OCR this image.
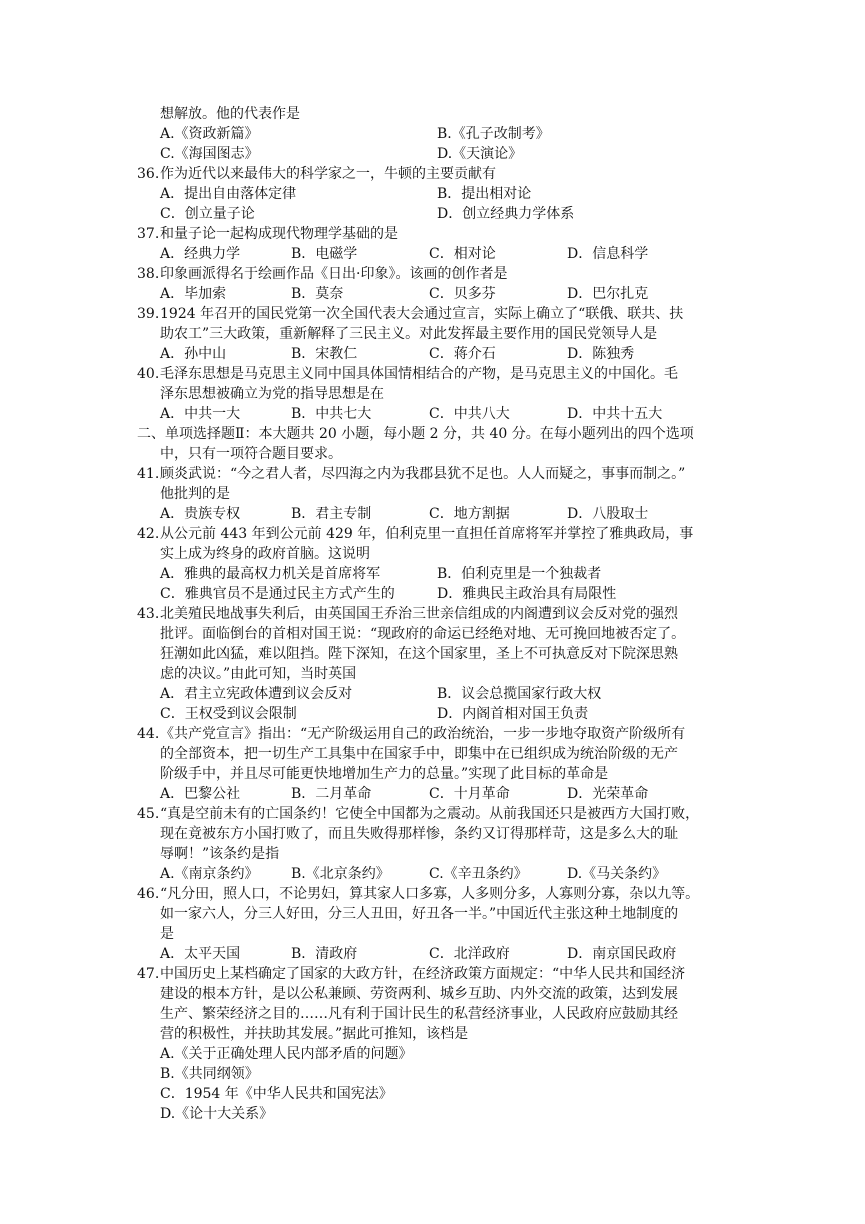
想解放。他的代表作是
A.《资政新篇》	B.《孔子改制考》
C.《海国图志》	D.《天演论》
36. 作为近代以来最伟大的科学家之一，牛顿的主要贡献有
A．提出自由落体定律	B．提出相对论
C．创立量子论	D．创立经典力学体系
37. 和量子论一起构成现代物理学基础的是
A．经典力学	B．电磁学	C．相对论	D．信息科学
38. 印象画派得名于绘画作品《日出·印象》。该画的创作者是
A．毕加索	B．莫奈	C．贝多芬	D．巴尔扎克
39. 1924 年召开的国民党第一次全国代表大会通过宣言，实际上确立了“联俄、联共、扶
助农工”三大政策，重新解释了三民主义。对此发挥最主要作用的国民党领导人是
A．孙中山	B．宋教仁	C．蒋介石	D．陈独秀
40. 毛泽东思想是马克思主义同中国具体国情相结合的产物，是马克思主义的中国化。毛
泽东思想被确立为党的指导思想是在
A．中共一大	B．中共七大	C．中共八大	D．中共十五大
二、单项选择题Ⅱ：本大题共 20 小题，每小题 2 分，共 40 分。在每小题列出的四个选项
中，只有一项符合题目要求。
41. 顾炎武说：“今之君人者，尽四海之内为我郡县犹不足也。人人而疑之，事事而制之。”
他批判的是
A．贵族专权	B．君主专制	C．地方割据	D．八股取士
42. 从公元前 443 年到公元前 429 年，伯利克里一直担任首席将军并掌控了雅典政局，事
实上成为终身的政府首脑。这说明
A．雅典的最高权力机关是首席将军	B．伯利克里是一个独裁者
C．雅典官员不是通过民主方式产生的	D．雅典民主政治具有局限性
43. 北美殖民地战事失利后，由英国国王乔治三世亲信组成的内阁遭到议会反对党的强烈
批评。面临倒台的首相对国王说：“现政府的命运已经绝对地、无可挽回地被否定了。
狂潮如此凶猛，难以阻挡。陛下深知，在这个国家里，圣上不可执意反对下院深思熟
虑的决议。”由此可知，当时英国
A．君主立宪政体遭到议会反对	B．议会总揽国家行政大权
C．王权受到议会限制	D．内阁首相对国王负责
44. 《共产党宣言》指出：“无产阶级运用自己的政治统治，一步一步地夺取资产阶级所有
的全部资本，把一切生产工具集中在国家手中，即集中在已组织成为统治阶级的无产
阶级手中，并且尽可能更快地增加生产力的总量。”实现了此目标的革命是
A．巴黎公社	B．二月革命	C．十月革命	D．光荣革命
45. “真是空前未有的亡国条约！它使全中国都为之震动。从前我国还只是被西方大国打败，
现在竟被东方小国打败了，而且失败得那样惨，条约又订得那样苛，这是多么大的耻
辱啊！”该条约是指
A.《南京条约》 B.《北京条约》	C.《辛丑条约》	D.《马关条约》
46. “凡分田，照人口，不论男妇，算其家人口多寡，人多则分多，人寡则分寡，杂以九等。
如一家六人，分三人好田，分三人丑田，好丑各一半。”中国近代主张这种土地制度的
是
A．太平天国	B．清政府	C．北洋政府	D．南京国民政府
47. 中国历史上某档确定了国家的大政方针，在经济政策方面规定：“中华人民共和国经济
建设的根本方针，是以公私兼顾、劳资两利、城乡互助、内外交流的政策，达到发展
生产、繁荣经济之目的……凡有利于国计民生的私营经济事业，人民政府应鼓励其经
营的积极性，并扶助其发展。”据此可推知，该档是
A.《关于正确处理人民内部矛盾的问题》
B.《共同纲领》
C．1954 年《中华人民共和国宪法》
D.《论十大关系》
